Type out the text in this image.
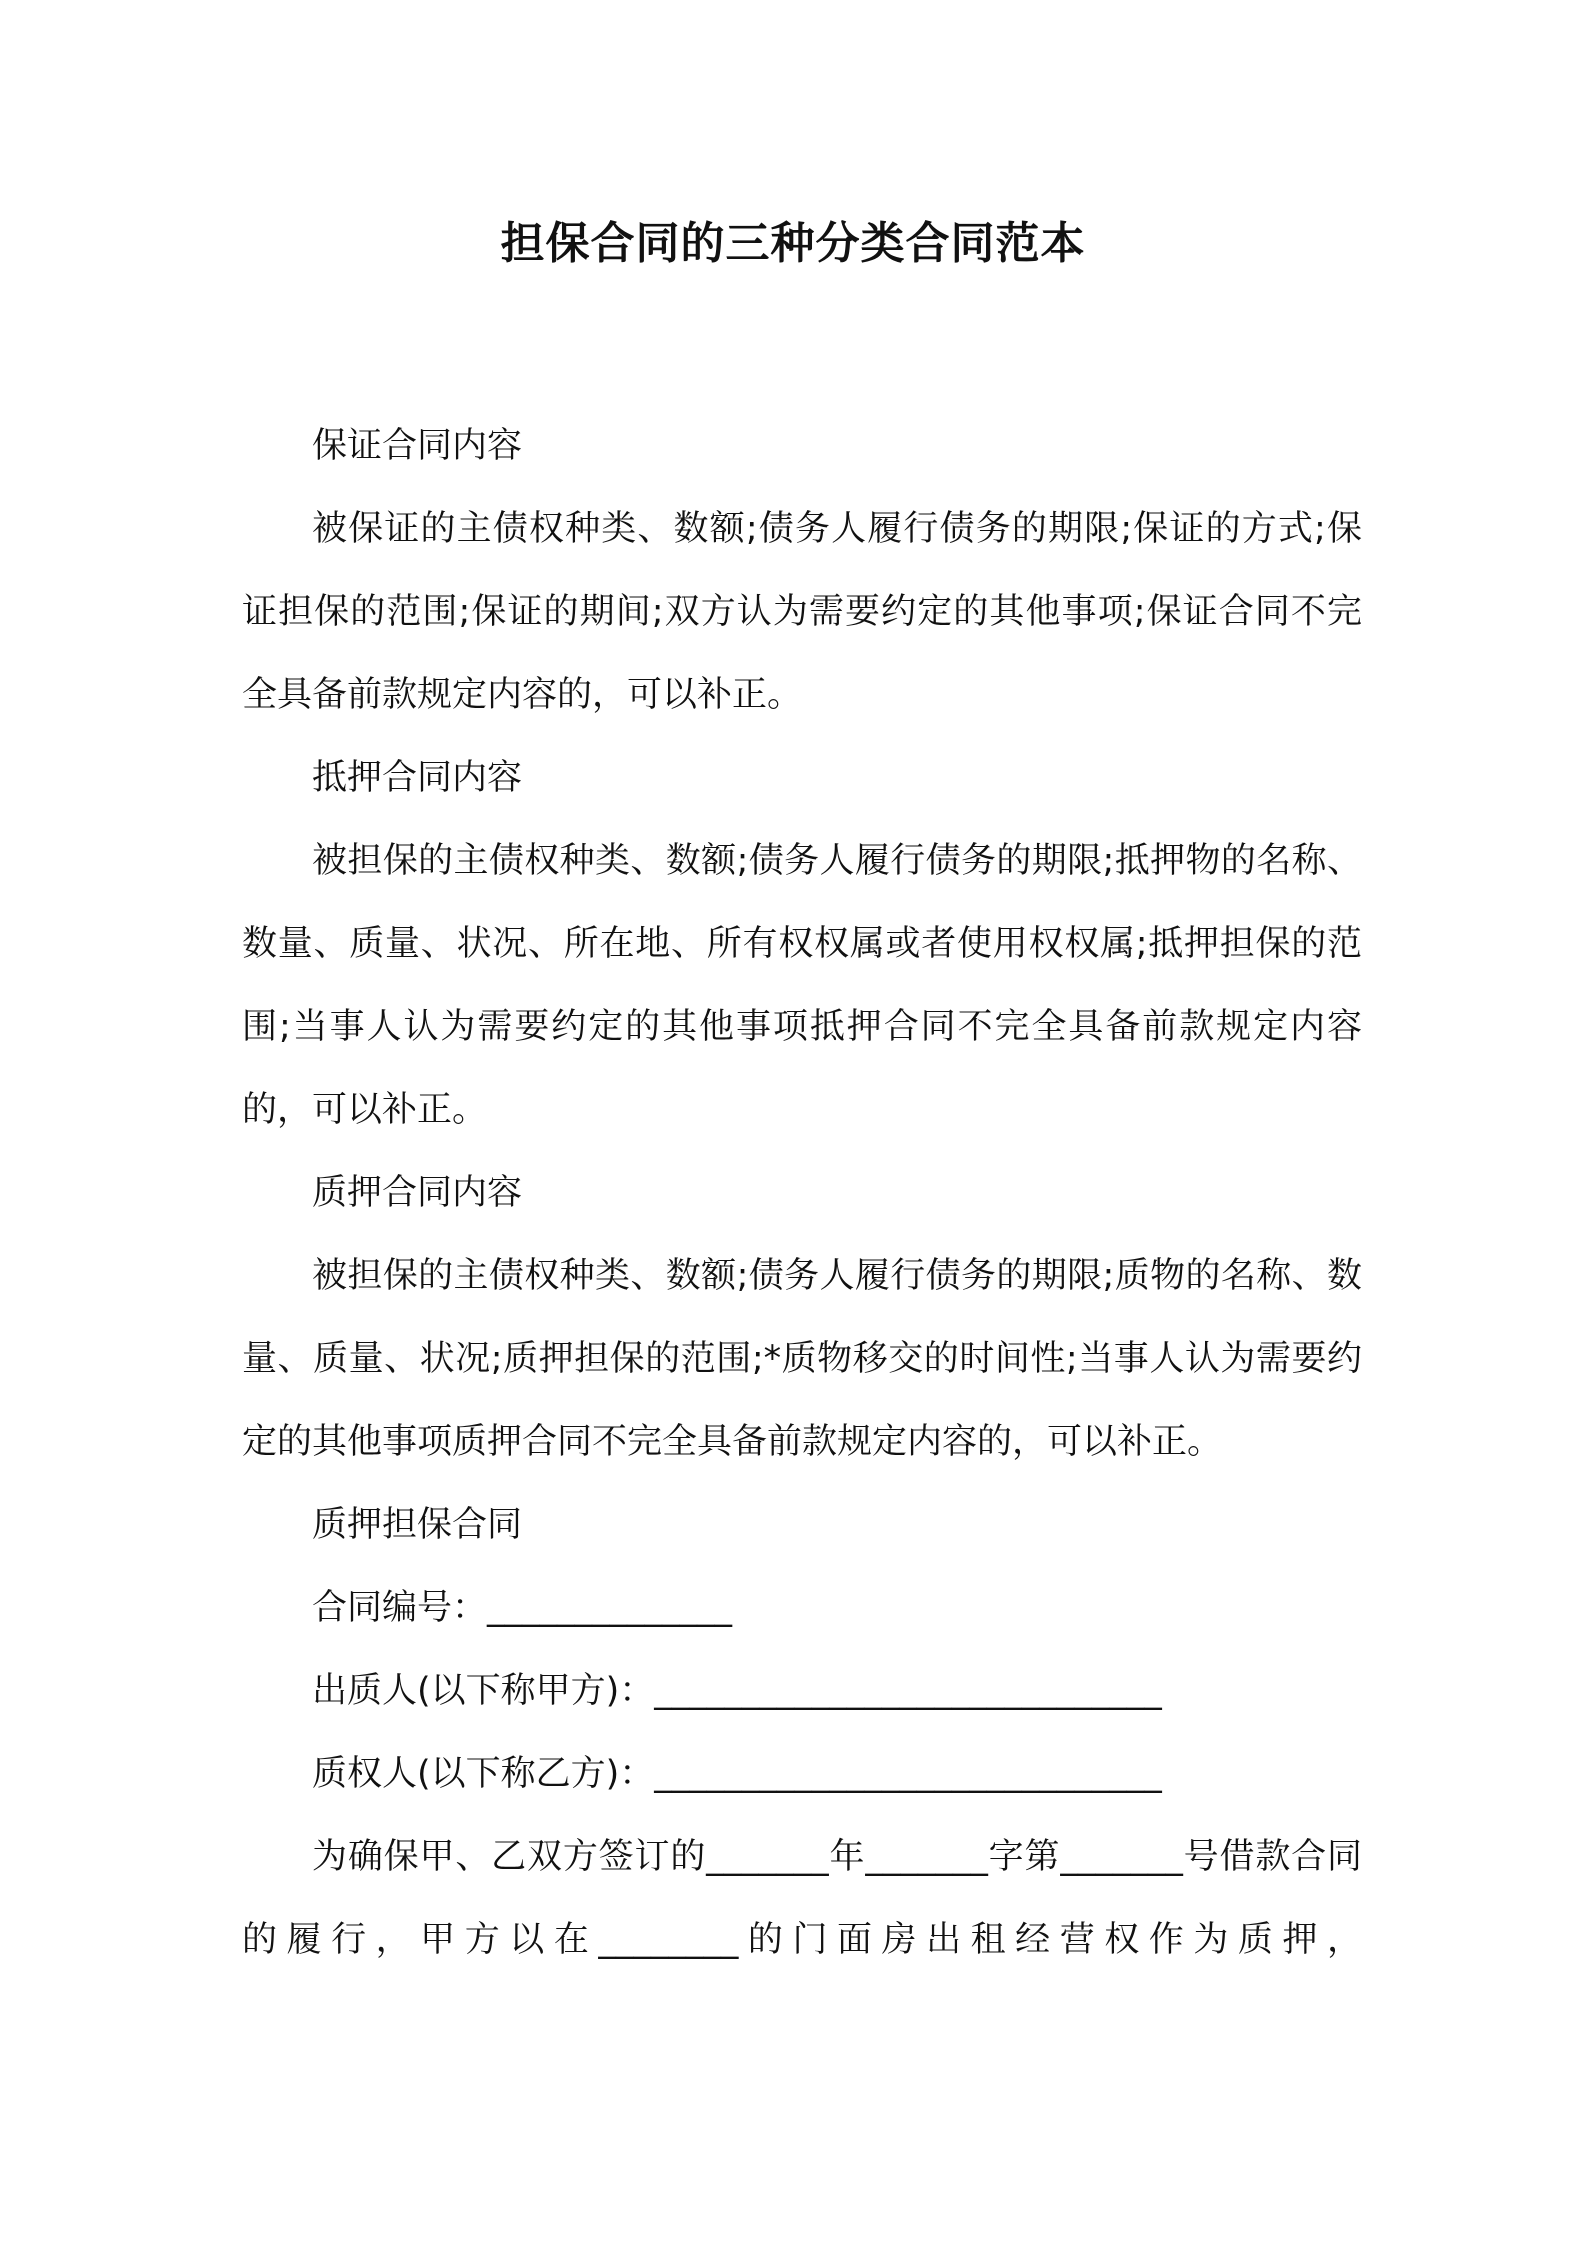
担保合同的三种分类合同范本

保证合同内容

被保证的主债权种类、数额;债务人履行债务的期限;保证的方式;保证担保的范围;保证的期间;双方认为需要约定的其他事项;保证合同不完全具备前款规定内容的，可以补正。

抵押合同内容

被担保的主债权种类、数额;债务人履行债务的期限;抵押物的名称、数量、质量、状况、所在地、所有权权属或者使用权权属;抵押担保的范围;当事人认为需要约定的其他事项抵押合同不完全具备前款规定内容的，可以补正。

质押合同内容

被担保的主债权种类、数额;债务人履行债务的期限;质物的名称、数量、质量、状况;质押担保的范围;*质物移交的时间性;当事人认为需要约定的其他事项质押合同不完全具备前款规定内容的，可以补正。

质押担保合同

合同编号：______________

出质人(以下称甲方)：_____________________________

质权人(以下称乙方)：_____________________________

为确保甲、乙双方签订的_______年_______字第_______号借款合同的履行，甲方以在________的门面房出租经营权作为质押，
